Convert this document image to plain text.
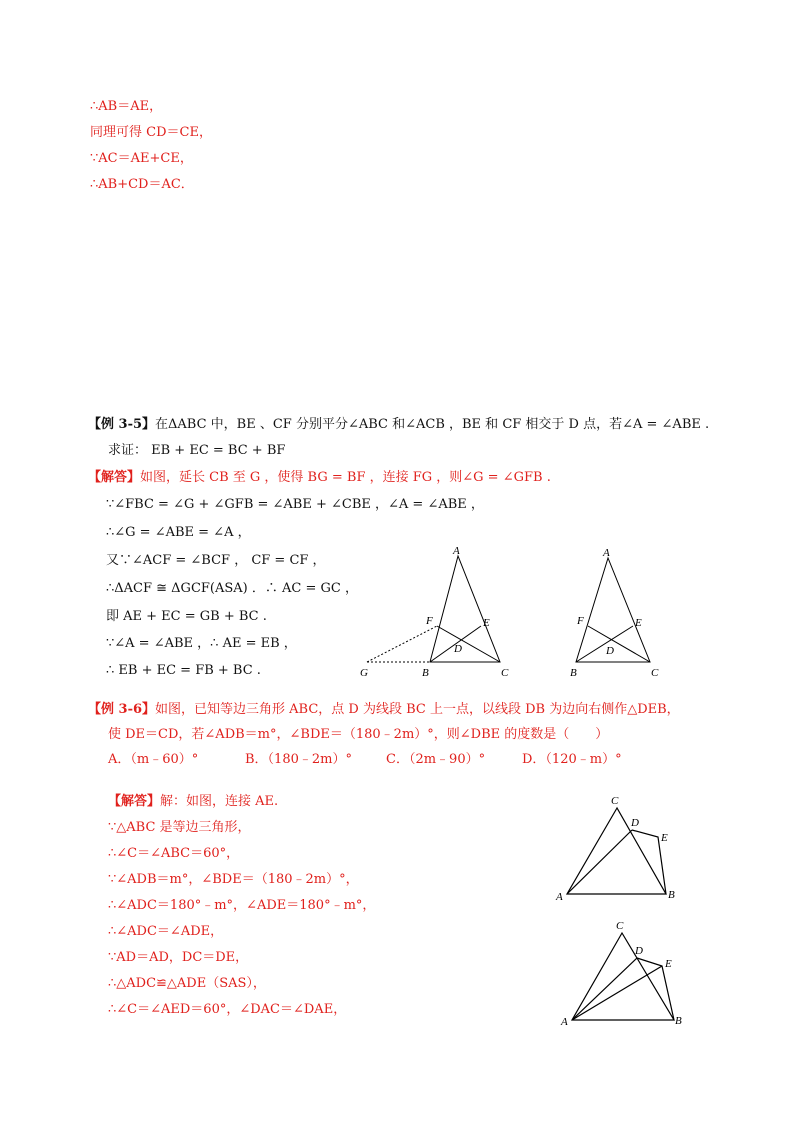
∴AB＝AE，
同理可得 CD＝CE，
∵AC＝AE+CE，
∴AB+CD＝AC．
【例 3-5】在ΔABC 中，BE 、CF 分别平分∠ABC 和∠ACB ，BE 和 CF 相交于 D 点，若∠A = ∠ABE .
求证： EB + EC = BC + BF
【解答】如图，延长 CB 至 G ，使得 BG = BF ，连接 FG ，则∠G = ∠GFB .
∵∠FBC = ∠G + ∠GFB = ∠ABE + ∠CBE ，∠A = ∠ABE ，
∴∠G = ∠ABE = ∠A ，
又∵∠ACF = ∠BCF ， CF = CF ，
∴ΔACF ≅ ΔGCF(ASA) ．∴ AC = GC ，
即 AE + EC = GB + BC .
∵∠A = ∠ABE ，∴ AE = EB ，
∴ EB + EC = FB + BC .
A
F	E
D
G	B	C
A
F	E
D
B	C
【例 3-6】如图，已知等边三角形 ABC，点 D 为线段 BC 上一点，以线段 DB 为边向右侧作△DEB，
使 DE＝CD，若∠ADB＝m°，∠BDE＝（180﹣2m）°，则∠DBE 的度数是（　　）
A．（m﹣60）°	B．（180﹣2m）°	C．（2m﹣90）°	D．（120﹣m）°
【解答】解：如图，连接 AE.
∵△ABC 是等边三角形，
∴∠C＝∠ABC＝60°，
∵∠ADB＝m°，∠BDE＝（180﹣2m）°，
∴∠ADC＝180°﹣m°，∠ADE＝180°﹣m°，
∴∠ADC＝∠ADE，
∵AD＝AD，DC＝DE，
∴△ADC≌△ADE（SAS），
∴∠C＝∠AED＝60°，∠DAC＝∠DAE，
C
D
E
A	B
C
D
E
A	B
